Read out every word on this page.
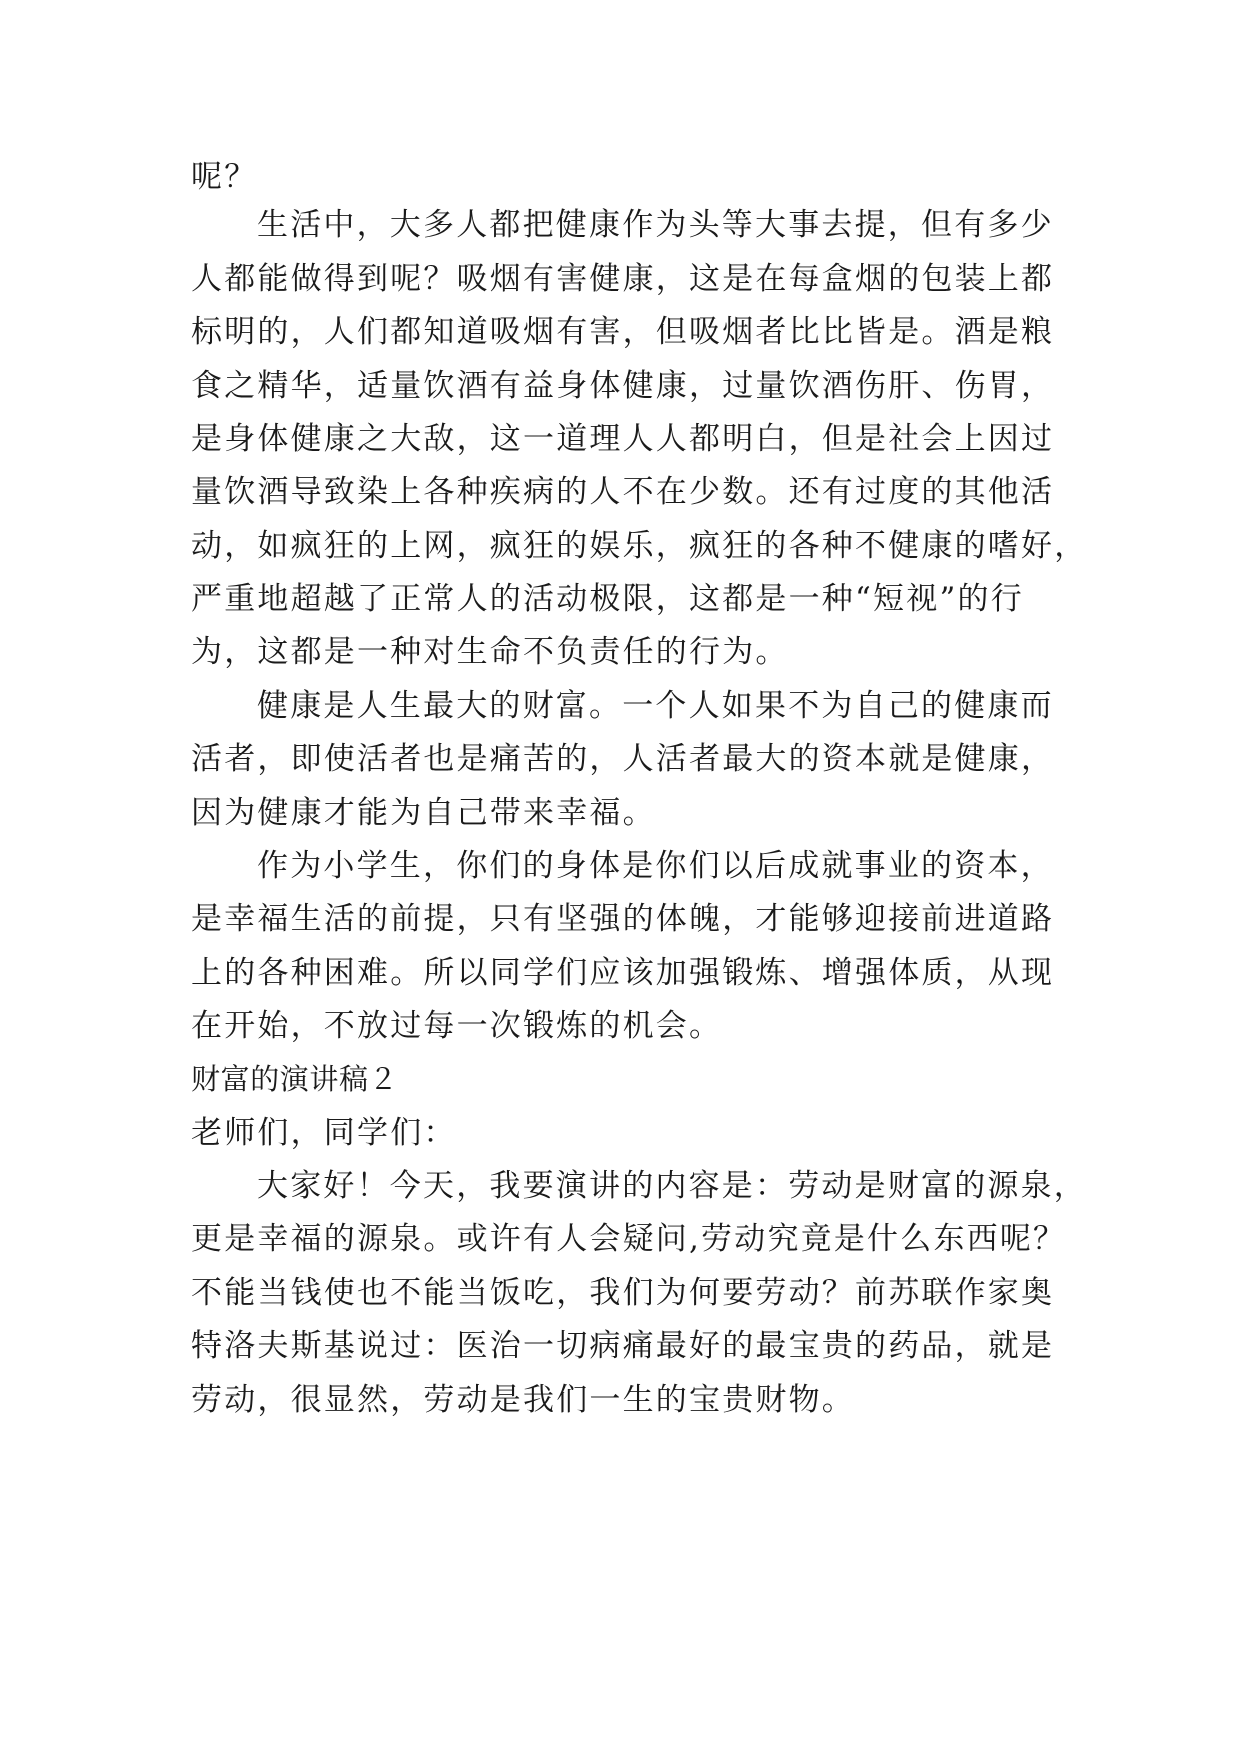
呢？
生活中，大多人都把健康作为头等大事去提，但有多少
人都能做得到呢？吸烟有害健康，这是在每盒烟的包装上都
标明的，人们都知道吸烟有害，但吸烟者比比皆是。酒是粮
食之精华，适量饮酒有益身体健康，过量饮酒伤肝、伤胃，
是身体健康之大敌，这一道理人人都明白，但是社会上因过
量饮酒导致染上各种疾病的人不在少数。还有过度的其他活
动，如疯狂的上网，疯狂的娱乐，疯狂的各种不健康的嗜好，
严重地超越了正常人的活动极限，这都是一种“短视”的行
为，这都是一种对生命不负责任的行为。
健康是人生最大的财富。一个人如果不为自己的健康而
活者，即使活者也是痛苦的，人活者最大的资本就是健康，
因为健康才能为自己带来幸福。
作为小学生，你们的身体是你们以后成就事业的资本，
是幸福生活的前提，只有坚强的体魄，才能够迎接前进道路
上的各种困难。所以同学们应该加强锻炼、增强体质，从现
在开始，不放过每一次锻炼的机会。
财富的演讲稿２
老师们，同学们：
大家好！今天，我要演讲的内容是：劳动是财富的源泉，
更是幸福的源泉。或许有人会疑问,劳动究竟是什么东西呢？
不能当钱使也不能当饭吃，我们为何要劳动？前苏联作家奥
特洛夫斯基说过：医治一切病痛最好的最宝贵的药品，就是
劳动，很显然，劳动是我们一生的宝贵财物。
